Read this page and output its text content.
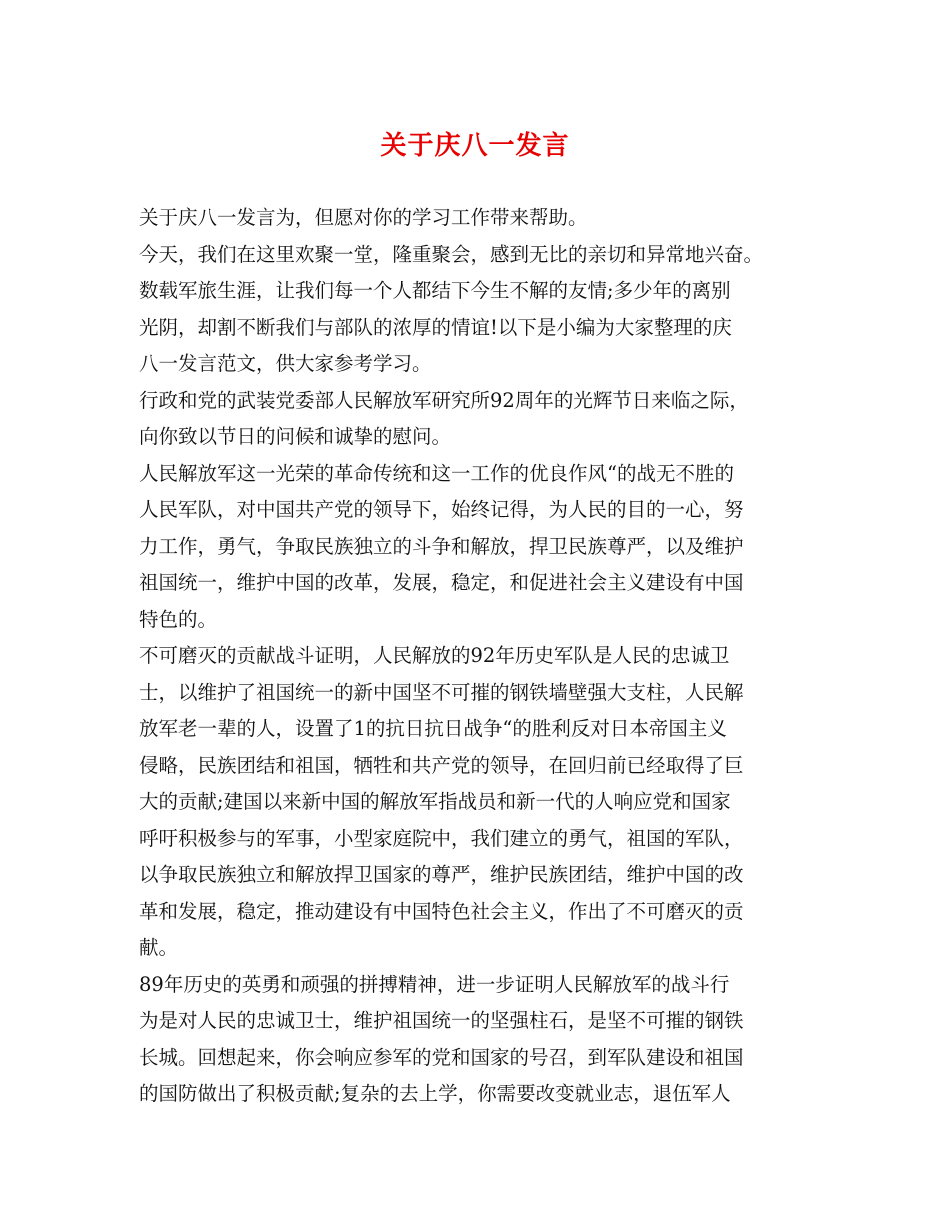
关于庆八一发言
关于庆八一发言为，但愿对你的学习工作带来帮助。
今天，我们在这里欢聚一堂，隆重聚会，感到无比的亲切和异常地兴奋。
数载军旅生涯，让我们每一个人都结下今生不解的友情;多少年的离别
光阴，却割不断我们与部队的浓厚的情谊!以下是小编为大家整理的庆
八一发言范文，供大家参考学习。
行政和党的武装党委部人民解放军研究所92周年的光辉节日来临之际，
向你致以节日的问候和诚挚的慰问。
人民解放军这一光荣的革命传统和这一工作的优良作风“的战无不胜的
人民军队，对中国共产党的领导下，始终记得，为人民的目的一心，努
力工作，勇气，争取民族独立的斗争和解放，捍卫民族尊严，以及维护
祖国统一，维护中国的改革，发展，稳定，和促进社会主义建设有中国
特色的。
不可磨灭的贡献战斗证明，人民解放的92年历史军队是人民的忠诚卫
士，以维护了祖国统一的新中国坚不可摧的钢铁墙壁强大支柱，人民解
放军老一辈的人，设置了1的抗日抗日战争“的胜利反对日本帝国主义
侵略，民族团结和祖国，牺牲和共产党的领导，在回归前已经取得了巨
大的贡献;建国以来新中国的解放军指战员和新一代的人响应党和国家
呼吁积极参与的军事，小型家庭院中，我们建立的勇气，祖国的军队，
以争取民族独立和解放捍卫国家的尊严，维护民族团结，维护中国的改
革和发展，稳定，推动建设有中国特色社会主义，作出了不可磨灭的贡
献。
89年历史的英勇和顽强的拼搏精神，进一步证明人民解放军的战斗行
为是对人民的忠诚卫士，维护祖国统一的坚强柱石，是坚不可摧的钢铁
长城。回想起来，你会响应参军的党和国家的号召，到军队建设和祖国
的国防做出了积极贡献;复杂的去上学，你需要改变就业志，退伍军人
